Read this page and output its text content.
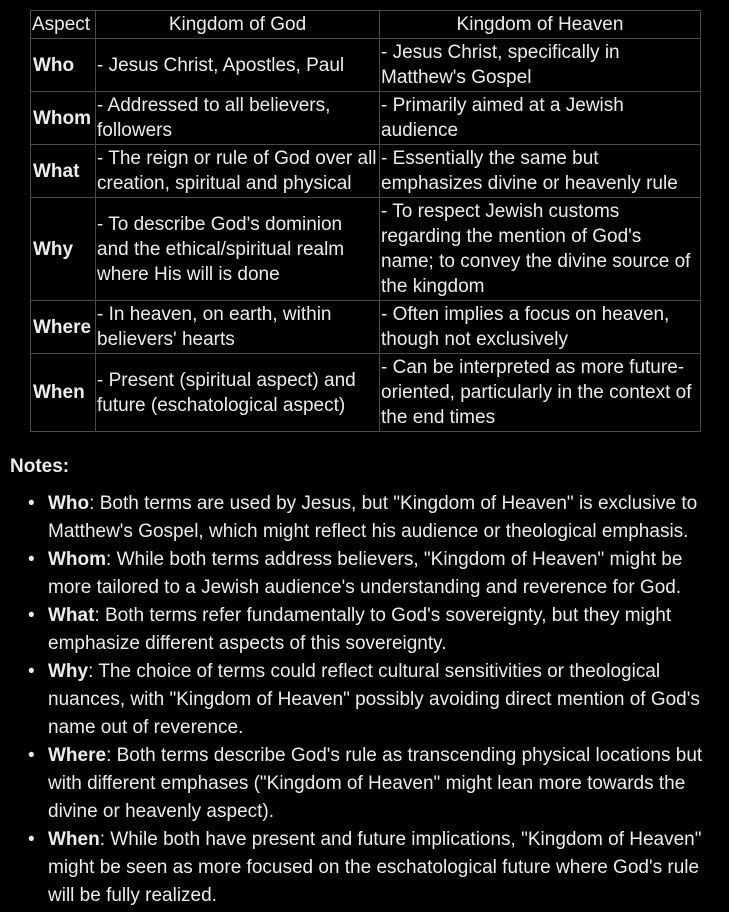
Aspect	Kingdom of God	Kingdom of Heaven
Who	- Jesus Christ, Apostles, Paul	- Jesus Christ, specifically in Matthew's Gospel
Whom	- Addressed to all believers, followers	- Primarily aimed at a Jewish audience
What	- The reign or rule of God over all creation, spiritual and physical	- Essentially the same but emphasizes divine or heavenly rule
Why	- To describe God's dominion and the ethical/spiritual realm where His will is done	- To respect Jewish customs regarding the mention of God's name; to convey the divine source of the kingdom
Where	- In heaven, on earth, within believers' hearts	- Often implies a focus on heaven, though not exclusively
When	- Present (spiritual aspect) and future (eschatological aspect)	- Can be interpreted as more future-oriented, particularly in the context of the end times
Notes:
• Who: Both terms are used by Jesus, but "Kingdom of Heaven" is exclusive to Matthew's Gospel, which might reflect his audience or theological emphasis.
• Whom: While both terms address believers, "Kingdom of Heaven" might be more tailored to a Jewish audience's understanding and reverence for God.
• What: Both terms refer fundamentally to God's sovereignty, but they might emphasize different aspects of this sovereignty.
• Why: The choice of terms could reflect cultural sensitivities or theological nuances, with "Kingdom of Heaven" possibly avoiding direct mention of God's name out of reverence.
• Where: Both terms describe God's rule as transcending physical locations but with different emphases ("Kingdom of Heaven" might lean more towards the divine or heavenly aspect).
• When: While both have present and future implications, "Kingdom of Heaven" might be seen as more focused on the eschatological future where God's rule will be fully realized.
